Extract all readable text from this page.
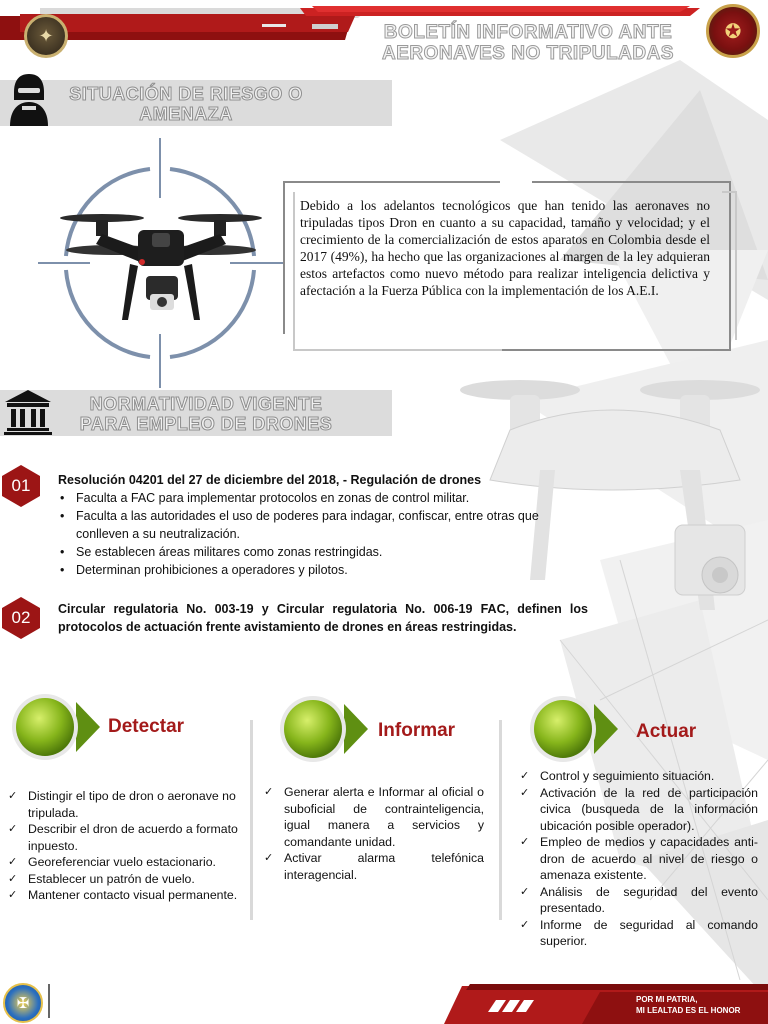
✦	BOLETÍN INFORMATIVO ANTE
AERONAVES NO TRIPULADAS
✪
SITUACIÓN DE RIESGO O
AMENAZA
Debido a los adelantos tecnológicos que han tenido las aeronaves no tripuladas tipos Dron en cuanto a su capacidad, tamaño y velocidad; y el crecimiento de la comercialización de estos aparatos en Colombia desde el 2017 (49%), ha hecho que las organizaciones al margen de la ley adquieran estos artefactos como nuevo método para realizar inteligencia delictiva y afectación a la Fuerza Pública con la implementación de los A.E.I.
NORMATIVIDAD VIGENTE
PARA EMPLEO DE DRONES
01	Resolución 04201 del 27 de diciembre del 2018, - Regulación de drones
• Faculta a FAC para implementar protocolos en zonas de control militar.
• Faculta a las autoridades el uso de poderes para indagar, confiscar, entre otras que conlleven a su neutralización.
• Se establecen áreas militares como zonas restringidas.
• Determinan prohibiciones a operadores y pilotos.
02	Circular regulatoria No. 003-19 y Circular regulatoria No. 006-19 FAC, definen los protocolos de actuación frente avistamiento de drones en áreas restringidas.
Detectar	Informar	Actuar
✓ Distingir el tipo de dron o aeronave no tripulada.
✓ Describir el dron de acuerdo a formato inpuesto.
✓ Georeferenciar vuelo estacionario.
✓ Establecer un patrón de vuelo.
✓ Mantener contacto visual permanente.
✓ Generar alerta e Informar al oficial o suboficial de contrainteligencia, igual manera a servicios y comandante unidad.
✓ Activar alarma telefónica interagencial.
✓ Control y seguimiento situación.
✓ Activación de la red de participación civica (busqueda de la información ubicación posible operador).
✓ Empleo de medios y capacidades anti-dron de acuerdo al nivel de riesgo o amenaza existente.
✓ Análisis de seguridad del evento presentado.
✓ Informe de seguridad al comando superior.
POR MI PATRIA,
MI LEALTAD ES EL HONOR
✠
